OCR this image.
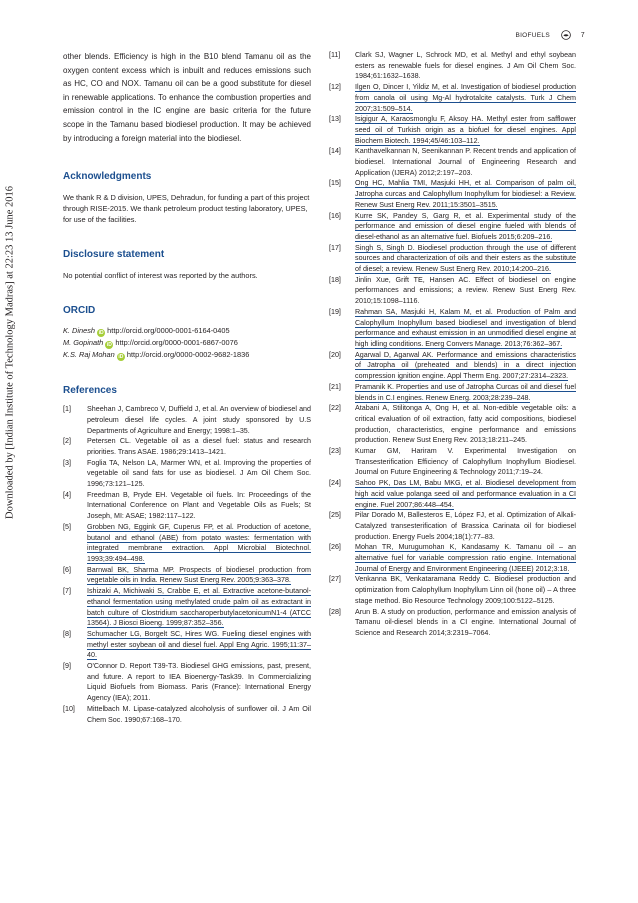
BIOFUELS	7
Downloaded by [Indian Institute of Technology Madras] at 22:23 13 June 2016

other blends. Efficiency is high in the B10 blend Tamanu oil as the oxygen content excess which is inbuilt and reduces emissions such as HC, CO and NOX. Tamanu oil can be a good substitute for diesel in renewable applications. To enhance the combustion properties and emission control in the IC engine are basic criteria for the future scope in the Tamanu based biodiesel production. It may be achieved by introducing a foreign material into the biodiesel.

Acknowledgments

We thank R & D division, UPES, Dehradun, for funding a part of this project through RISE-2015. We thank petroleum product testing laboratory, UPES, for use of the facilities.

Disclosure statement

No potential conflict of interest was reported by the authors.

ORCID
K. Dinesh iD http://orcid.org/0000-0001-6164-0405
M. Gopinath iD http://orcid.org/0000-0001-6867-0076
K.S. Raj Mohan iD http://orcid.org/0000-0002-9682-1836
References
[1] Sheehan J, Cambreco V, Duffield J, et al. An overview of biodiesel and petroleum diesel life cycles. A joint study sponsored by U.S Departments of Agriculture and Energy; 1998:1–35.
[2] Petersen CL. Vegetable oil as a diesel fuel: status and research priorities. Trans ASAE. 1986;29:1413–1421.
[3] Foglia TA, Nelson LA, Marmer WN, et al. Improving the properties of vegetable oil sand fats for use as biodiesel. J Am Oil Chem Soc. 1996;73:121–125.
[4] Freedman B, Pryde EH. Vegetable oil fuels. In: Proceedings of the International Conference on Plant and Vegetable Oils as Fuels; St Joseph, MI: ASAE; 1982:117–122.
[5] Grobben NG, Eggink GF, Cuperus FP, et al. Production of acetone, butanol and ethanol (ABE) from potato wastes: fermentation with integrated membrane extraction. Appl Microbial Biotechnol. 1993;39:494–498.
[6] Barnwal BK, Sharma MP. Prospects of biodiesel production from vegetable oils in India. Renew Sust Energ Rev. 2005;9:363–378.
[7] Ishizaki A, Michiwaki S, Crabbe E, et al. Extractive acetone-butanol-ethanol fermentation using methylated crude palm oil as extractant in batch culture of Clostridium saccharoperbutylacetonicumN1-4 (ATCC 13564). J Biosci Bioeng. 1999;87:352–356.
[8] Schumacher LG, Borgelt SC, Hires WG. Fueling diesel engines with methyl ester soybean oil and diesel fuel. Appl Eng Agric. 1995;11:37–40.
[9] O'Connor D. Report T39-T3. Biodiesel GHG emissions, past, present, and future. A report to IEA Bioenergy-Task39. In Commercializing Liquid Biofuels from Biomass. Paris (France): International Energy Agency (IEA); 2011.
[10] Mittelbach M. Lipase-catalyzed alcoholysis of sunflower oil. J Am Oil Chem Soc. 1990;67:168–170.
[11] Clark SJ, Wagner L, Schrock MD, et al. Methyl and ethyl soybean esters as renewable fuels for diesel engines. J Am Oil Chem Soc. 1984;61:1632–1638.
[12] Ilgen O, Dincer I, Yildiz M, et al. Investigation of biodiesel production from canola oil using Mg-Al hydrotalcite catalysts. Turk J Chem 2007;31:509–514.
[13] Isigigur A, Karaosmonglu F, Aksoy HA. Methyl ester from safflower seed oil of Turkish origin as a biofuel for diesel engines. Appl Biochem Biotech. 1994;45/46:103–112.
[14] Kanthavelkannan N, Seenikannan P. Recent trends and application of biodiesel. International Journal of Engineering Research and Application (IJERA) 2012;2:197–203.
[15] Ong HC, Mahlia TMI, Masjuki HH, et al. Comparison of palm oil, Jatropha curcas and Calophyllum Inophyllum for biodiesel: a Review. Renew Sust Energ Rev. 2011;15:3501–3515.
[16] Kurre SK, Pandey S, Garg R, et al. Experimental study of the performance and emission of diesel engine fueled with blends of diesel-ethanol as an alternative fuel. Biofuels 2015;6:209–216.
[17] Singh S, Singh D. Biodiesel production through the use of different sources and characterization of oils and their esters as the substitute of diesel; a review. Renew Sust Energ Rev. 2010;14:200–216.
[18] Jinlin Xue, Grift TE, Hansen AC. Effect of biodiesel on engine performances and emissions; a review. Renew Sust Energ Rev. 2010;15:1098–1116.
[19] Rahman SA, Masjuki H, Kalam M, et al. Production of Palm and Calophyllum Inophyllum based biodiesel and investigation of blend performance and exhaust emission in an unmodified diesel engine at high idling conditions. Energ Convers Manage. 2013;76:362–367.
[20] Agarwal D, Agarwal AK. Performance and emissions characteristics of Jatropha oil (preheated and blends) in a direct injection compression ignition engine. Appl Therm Eng. 2007;27:2314–2323.
[21] Pramanik K. Properties and use of Jatropha Curcas oil and diesel fuel blends in C.I engines. Renew Energ. 2003;28:239–248.
[22] Atabani A, Stilitonga A, Ong H, et al. Non-edible vegetable oils: a critical evaluation of oil extraction, fatty acid compositions, biodiesel production, characteristics, engine performance and emissions production. Renew Sust Energ Rev. 2013;18:211–245.
[23] Kumar GM, Hariram V. Experimental Investigation on Transesterification Efficiency of Calophyllum Inophyllum Biodiesel. Journal on Future Engineering & Technology 2011;7:19–24.
[24] Sahoo PK, Das LM, Babu MKG, et al. Biodiesel development from high acid value polanga seed oil and performance evaluation in a CI engine. Fuel 2007;86:448–454.
[25] Pilar Dorado M, Ballesteros E, López FJ, et al. Optimization of Alkali-Catalyzed transesterification of Brassica Carinata oil for biodiesel production. Energy Fuels 2004;18(1):77–83.
[26] Mohan TR, Murugumohan K, Kandasamy K. Tamanu oil – an alternative fuel for variable compression ratio engine. International Journal of Energy and Environment Engineering (IJEEE) 2012;3:18.
[27] Venkanna BK, Venkataramana Reddy C. Biodiesel production and optimization from Calophyllum Inophyllum Linn oil (hone oil) – A three stage method. Bio Resource Technology 2009;100:5122–5125.
[28] Arun B. A study on production, performance and emission analysis of Tamanu oil-diesel blends in a CI engine. International Journal of Science and Research 2014;3:2319–7064.
